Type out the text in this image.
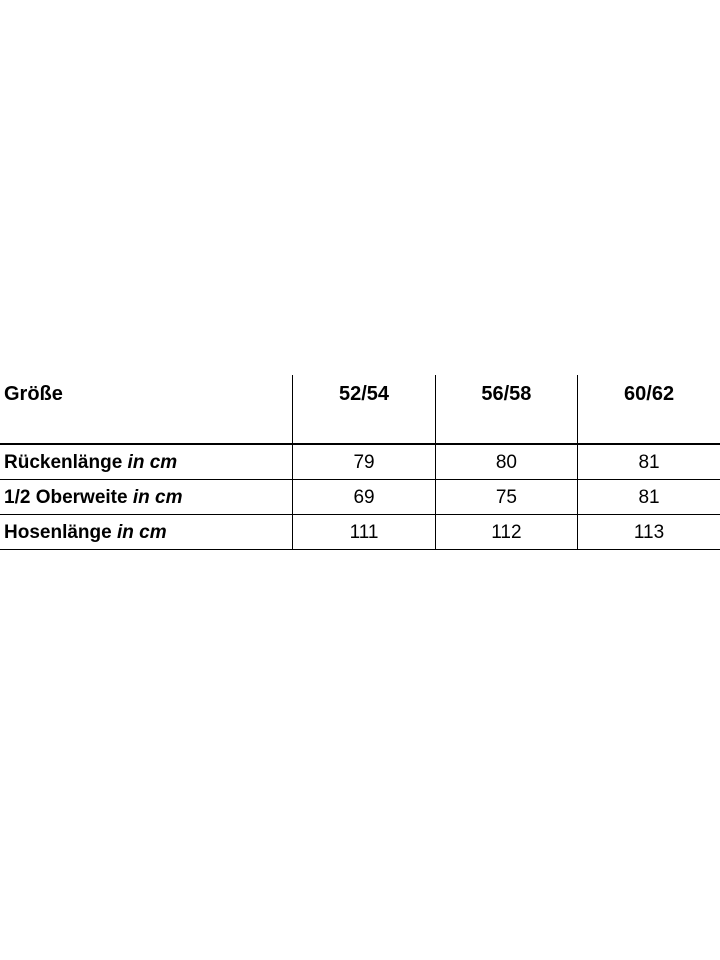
Größe	52/54	56/58	60/62

Rückenlänge in cm	79	80	81
1/2 Oberweite in cm	69	75	81
Hosenlänge in cm	111	112	113
